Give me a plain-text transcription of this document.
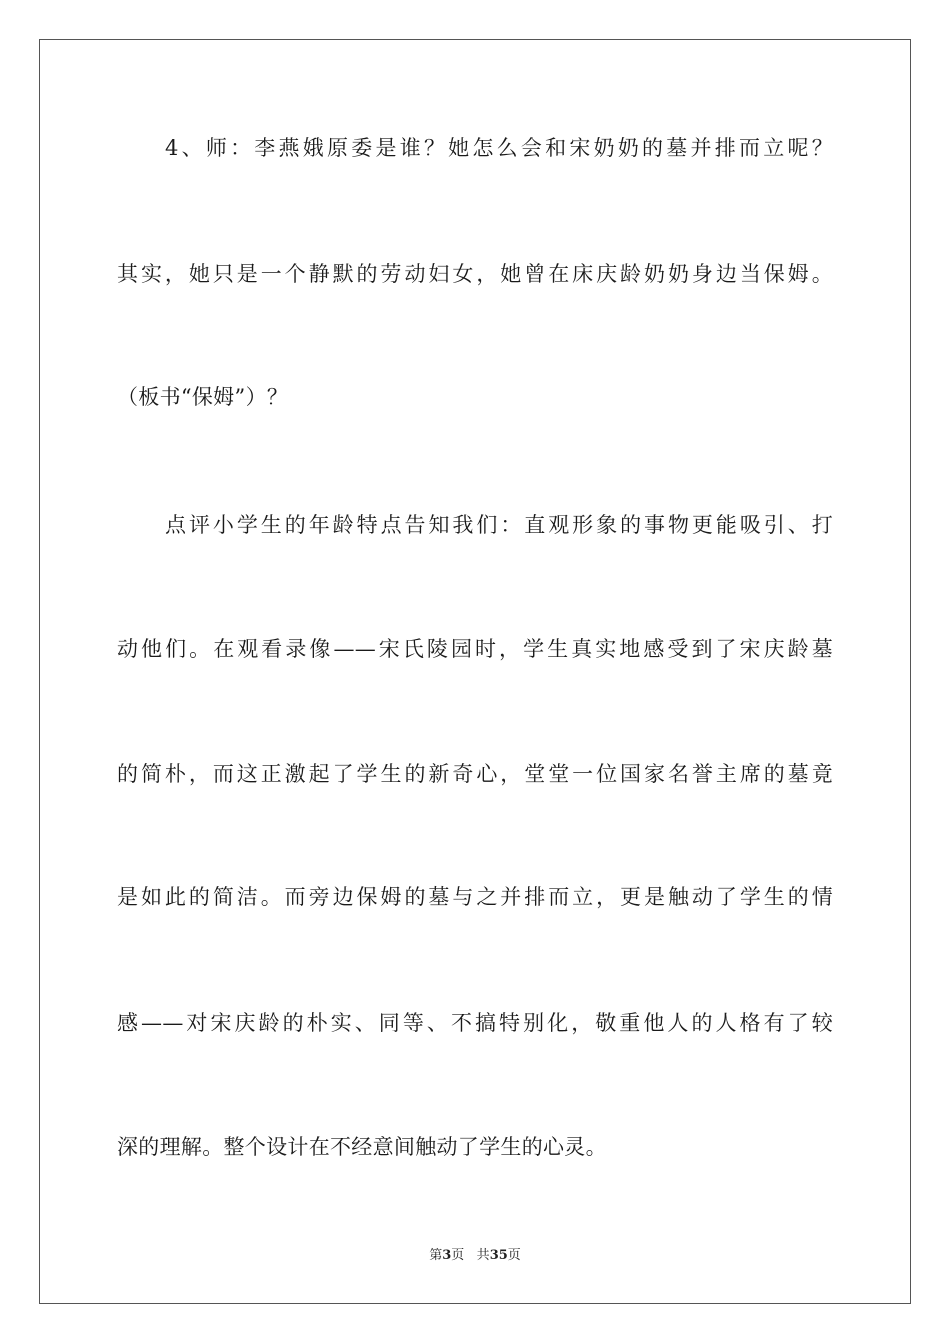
4、师：李燕娥原委是谁？她怎么会和宋奶奶的墓并排而立呢？
其实，她只是一个静默的劳动妇女，她曾在床庆龄奶奶身边当保姆。
（板书“保姆”）？
点评小学生的年龄特点告知我们：直观形象的事物更能吸引、打
动他们。在观看录像——宋氏陵园时，学生真实地感受到了宋庆龄墓
的简朴，而这正激起了学生的新奇心，堂堂一位国家名誉主席的墓竟
是如此的简洁。而旁边保姆的墓与之并排而立，更是触动了学生的情
感——对宋庆龄的朴实、同等、不搞特别化，敬重他人的人格有了较
深的理解。整个设计在不经意间触动了学生的心灵。
第3页 共35页
